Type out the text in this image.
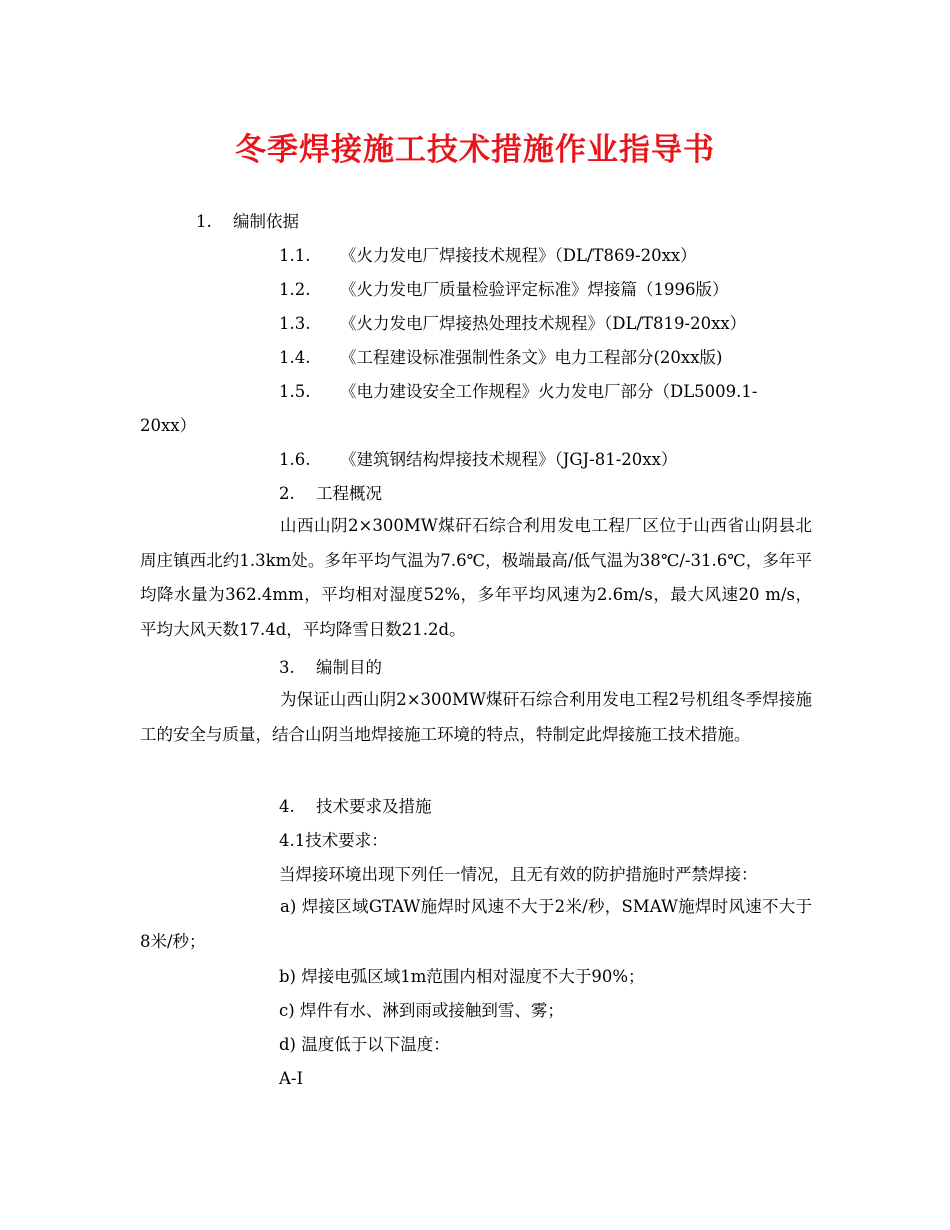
冬季焊接施工技术措施作业指导书
1. 编制依据
1.1. 《火力发电厂焊接技术规程》（DL/T869-20xx）
1.2. 《火力发电厂质量检验评定标准》焊接篇（1996版）
1.3. 《火力发电厂焊接热处理技术规程》（DL/T819-20xx）
1.4. 《工程建设标准强制性条文》电力工程部分(20xx版)
1.5. 《电力建设安全工作规程》火力发电厂部分（DL5009.1-
20xx）
1.6. 《建筑钢结构焊接技术规程》（JGJ-81-20xx）
2. 工程概况
山西山阴2×300MW煤矸石综合利用发电工程厂区位于山西省山阴县北周庄镇西北约1.3km处。多年平均气温为7.6℃，极端最高/低气温为38℃/-31.6℃，多年平均降水量为362.4mm，平均相对湿度52%，多年平均风速为2.6m/s，最大风速20 m/s，平均大风天数17.4d，平均降雪日数21.2d。
3. 编制目的
为保证山西山阴2×300MW煤矸石综合利用发电工程2号机组冬季焊接施工的安全与质量，结合山阴当地焊接施工环境的特点，特制定此焊接施工技术措施。
4. 技术要求及措施
4.1技术要求：
当焊接环境出现下列任一情况，且无有效的防护措施时严禁焊接：
a) 焊接区域GTAW施焊时风速不大于2米/秒，SMAW施焊时风速不大于8米/秒；
b) 焊接电弧区域1m范围内相对湿度不大于90%；
c) 焊件有水、淋到雨或接触到雪、雾；
d) 温度低于以下温度：
A-Ⅰ
